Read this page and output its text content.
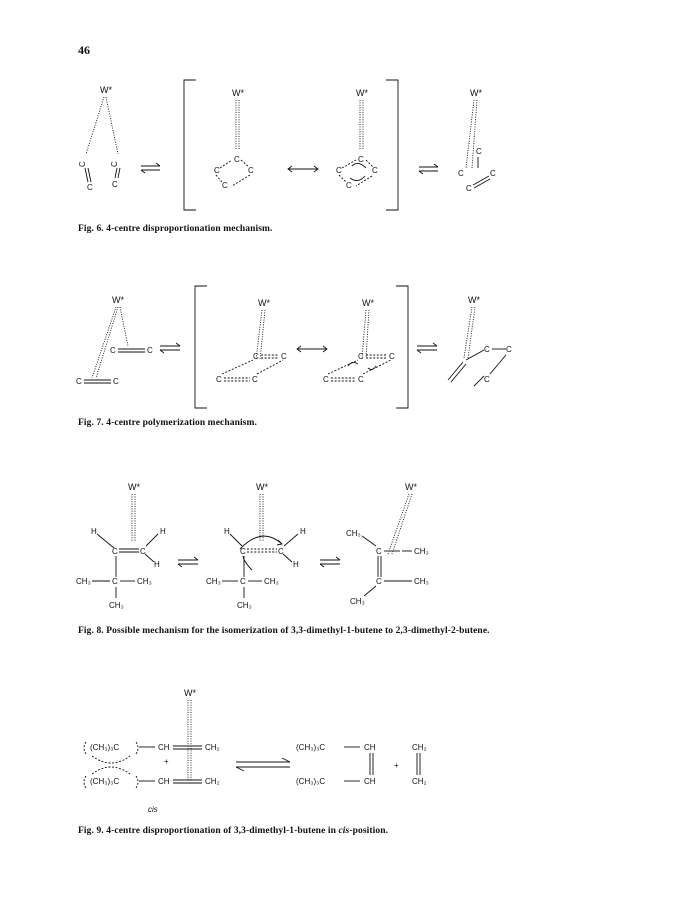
46
W*
C	C
C C
W*
C
C	C
C
W*
C
C	C
C
W*
C
C	C
C
Fig. 6. 4-centre disproportionation mechanism.
W*
C	C
C	C
W*
C	C
C	C
W*
C	C
C	C
W*
C C
C
Fig. 7. 4-centre polymerization mechanism.
W*
H	H
C	C
H
CH₃	C CH₃
CH₃
W*
H	H
C	C
H
CH₃ C CH₃
CH₃
W*
CH₃
C	CH₃
C	CH₃
CH₃
Fig. 8. Possible mechanism for the isomerization of 3,3-dimethyl-1-butene to 2,3-dimethyl-2-butene.
W*
(CH₃)₃C	CH	CH₂
+
(CH₃)₃C	CH	CH₂
cis
(CH₃)₃C	CH
(CH₃)₃C	CH
+
CH₂
CH₂
Fig. 9. 4-centre disproportionation of 3,3-dimethyl-1-butene in cis-position.
